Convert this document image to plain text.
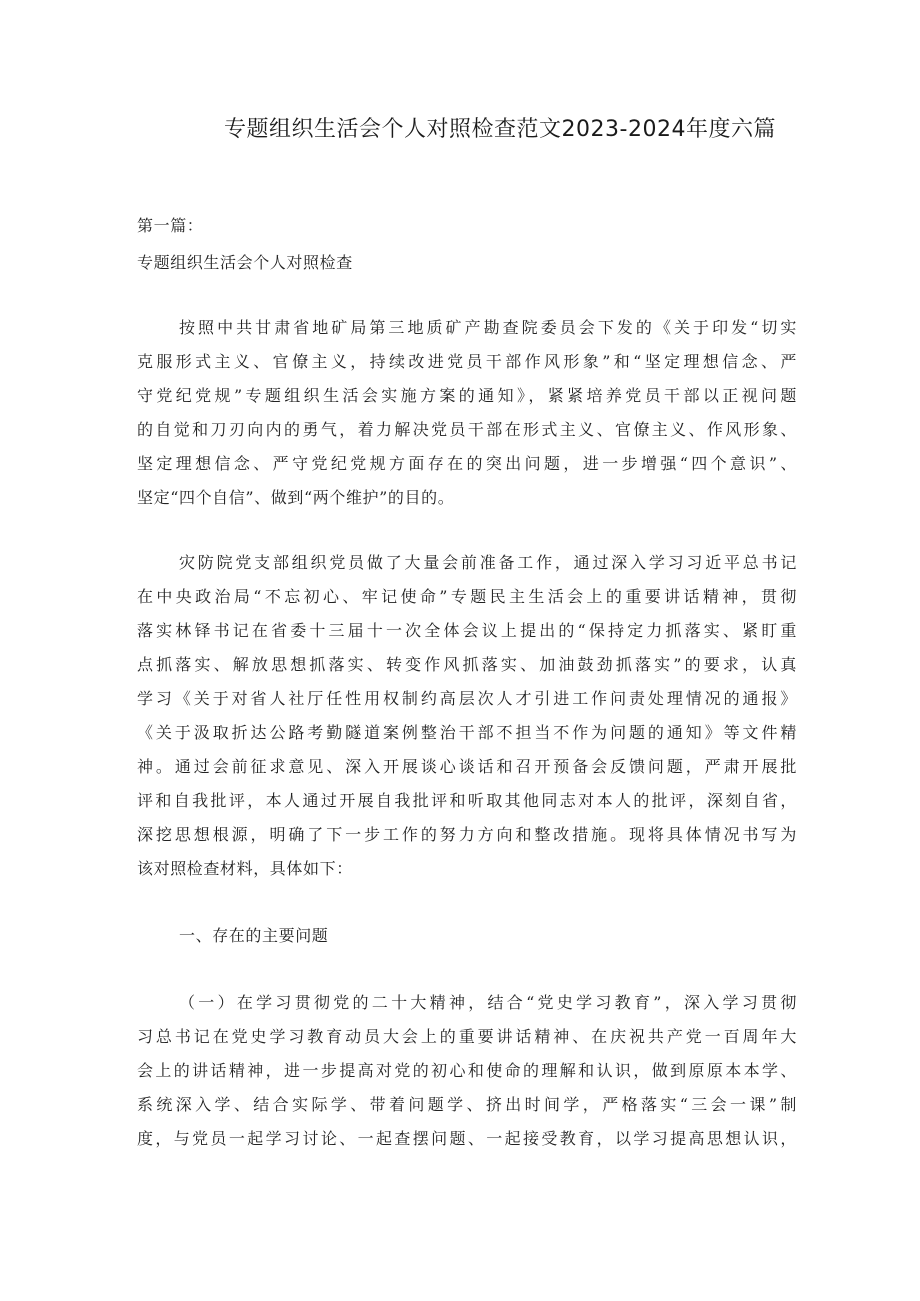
专题组织生活会个人对照检查范文2023-2024年度六篇
第一篇：
专题组织生活会个人对照检查
按照中共甘肃省地矿局第三地质矿产勘查院委员会下发的《关于印发“切实
克服形式主义、官僚主义，持续改进党员干部作风形象”和“坚定理想信念、严
守党纪党规”专题组织生活会实施方案的通知》，紧紧培养党员干部以正视问题
的自觉和刀刃向内的勇气，着力解决党员干部在形式主义、官僚主义、作风形象、
坚定理想信念、严守党纪党规方面存在的突出问题，进一步增强“四个意识”、
坚定“四个自信”、做到“两个维护”的目的。
灾防院党支部组织党员做了大量会前准备工作，通过深入学习习近平总书记
在中央政治局“不忘初心、牢记使命”专题民主生活会上的重要讲话精神，贯彻
落实林铎书记在省委十三届十一次全体会议上提出的“保持定力抓落实、紧盯重
点抓落实、解放思想抓落实、转变作风抓落实、加油鼓劲抓落实”的要求，认真
学习《关于对省人社厅任性用权制约高层次人才引进工作问责处理情况的通报》
《关于汲取折达公路考勤隧道案例整治干部不担当不作为问题的通知》等文件精
神。通过会前征求意见、深入开展谈心谈话和召开预备会反馈问题，严肃开展批
评和自我批评，本人通过开展自我批评和听取其他同志对本人的批评，深刻自省，
深挖思想根源，明确了下一步工作的努力方向和整改措施。现将具体情况书写为
该对照检查材料，具体如下：
一、存在的主要问题
（一）在学习贯彻党的二十大精神，结合“党史学习教育”，深入学习贯彻
习总书记在党史学习教育动员大会上的重要讲话精神、在庆祝共产党一百周年大
会上的讲话精神，进一步提高对党的初心和使命的理解和认识，做到原原本本学、
系统深入学、结合实际学、带着问题学、挤出时间学，严格落实“三会一课”制
度，与党员一起学习讨论、一起查摆问题、一起接受教育，以学习提高思想认识，
